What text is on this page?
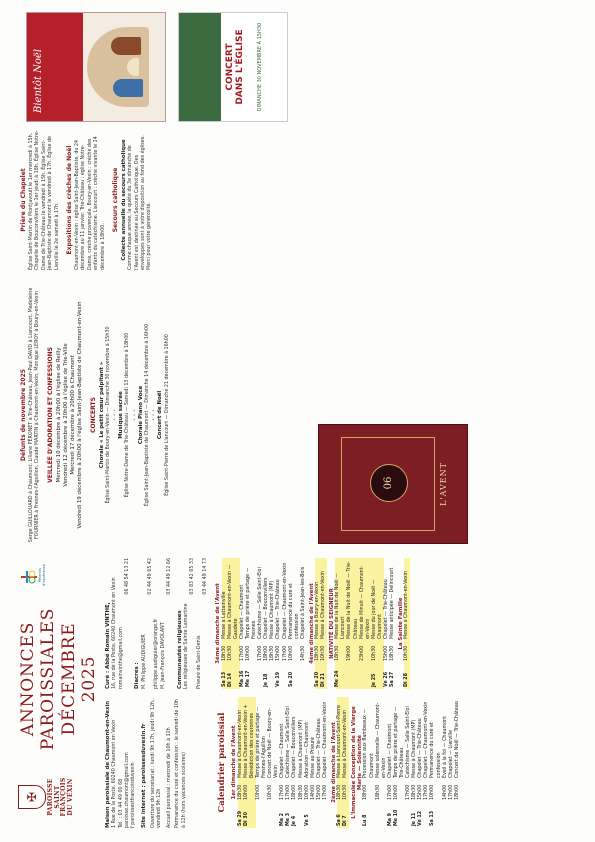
✠	PAROISSE SAINT FRANÇOIS DU VEXIN
ANNONCES PAROISSIALES DÉCEMBRE 2025
Pèlerins d'espérance
Maison paroissiale de Chaumont-en-Vexin 1 Rue de la Poste, 60240 Chaumont en Vexin Tél. : 03 44 49 00 68 paroisse.chaumont@gmail.com f paroissestfrancoisduvexin Site internet : paroissesduvexin.fr Ouverture du secrétariat : lundi 9h 17h, jeudi 9h 12h, vendredi 9h 12h Accueil paroissial : mercredi de 10h à 12h Permanence du curé et confession : le samedi de 10h à 12h (hors vacances scolaires)
Curé : Abbé Romain VINTHE, 16, rue de la Poste, 60240 Chaumont en Vexin romainvinthe@gmail.com
06 48 54 13 21
Diacres : M. Philippe AUDIGUIER
02 44 49 65 42
philippe.audiguier@orange.fr M. Jean-François DAVOLANT
03 44 49 12 66
Communautés religieuses Les religieuses de Sainte Lamartine
03 83 42 65 33
Prieuré de Saint-Denis
03 44 49 14 73
Calendrier paroissial 1er dimanche de l'Avent		
Sa 29	18h30	Messe à Chaumont-en-Vexin
Di 30	10h00	Messe à Chaumont-en-Vexin + Bénédiction des couronnes
	10h00	Temps de prière et partage — Fresnes-l'Aguillon
	10h30	Concert de Noël — Boury-en-Vexin
Ma 2	17h00	Chapelet — Chaumont
Me 3	17h00	Catéchisme — Salle Saint-Eloi
Je 4	18h00	Chapelet — Bouconvillers
	18h30	Messe à Chaumont (MP)
Ve 5	10h00	Adoration — Chaumont
	14h00	Messe au Prieuré
	15h00	Chapelet — Trie-Château
	17h00	Chapelet — Chaumont-en-Vexin
2ème dimanche de l'Avent		
Sa 6	18h30	Messe à Liancourt-Saint-Pierre
Di 7	10h30	Messe à Chaumont-en-Vexin
L'Immaculée Conception de la Vierge Marie — Solennité		
Lu 8	18h00	Procession aux flambeaux — Chaumont
	18h30	Messe solennelle — Chaumont-en-Vexin
Ma 9	17h00	Chapelet — Chaumont
Me 10	10h00	Temps de prière et partage — Trie-Château
	17h00	Catéchisme — Salle Saint-Eloi
Je 11	18h30	Messe à Chaumont (MP)
Ve 12	15h00	Chapelet — Trie-Château
	17h00	Chapelet — Chaumont-en-Vexin
Sa 13	10h00	Permanence du curé et confession
	14h00	Éveil à la foi — Chaumont
	17h00	Chapelet — Lierville
	18h00	Concert de Noël — Trie-Château
3ème dimanche de l'Avent		
Sa 13	18h30	Messe à Lattainville
Di 14	10h30	Messe à Chaumont-en-Vexin — Gaudete
Ma 16	17h00	Chapelet — Chaumont
Me 17	10h00	Temps de prière et partage — Fresnes
	17h00	Catéchisme — Salle Saint-Eloi
Je 18	18h00	Chapelet — Bouconvillers
	18h30	Messe à Chaumont (MP)
Ve 19	15h00	Chapelet — Trie-Château
	17h00	Chapelet — Chaumont-en-Vexin
Sa 20	10h00	Permanence du curé et confession
	14h30	Chapelet à Saint-Jean-les-Bois
4ème dimanche de l'Avent		
Sa 20	18h30	Messe à Boury-en-Vexin
Di 21	10h30	Messe à Chaumont-en-Vexin
NATIVITÉ DU SEIGNEUR		
Me 24	18h30	Messe de la Nuit de Noël — Liancourt
	19h00	Messe de la Nuit de Noël — Trie-Château
	23h00	Messe de Minuit — Chaumont-en-Vexin
Je 25	10h30	Messe du jour de Noël — Chaumont
Ve 26	15h00	Chapelet — Trie-Château
Sa 27	18h30	Messe anticipée — Delincourt
La Sainte Famille		
Di 28	10h30	Messe à Chaumont-en-Vexin
Défunts de novembre 2025 Serge GUILLOUARD à Chaumont, Liliane PÉRONET à Trie-Château, Jean-Paul DAVID à Liancourt, Madeleine FOURNIER à Fresnes-l'Aguillon, Claude MARTIN à Chaumont-en-Vexin, Monique LEROY à Boury-en-Vexin VEILLÉE D'ADORATION ET CONFESSIONS Mercredi 10 décembre à 20h00 à l'église de Reilly Vendredi 12 décembre à 20h00 à l'église de Trie-Ville Mercredi 17 décembre à 20h00 à Chaumont Vendredi 19 décembre à 20h00 à l'église Saint-Jean-Baptiste de Chaumont-en-Vexin CONCERTS Chorale « Le petit cœur palpitant » Église Saint-Martin de Boury-en-Vexin — Dimanche 30 novembre à 15h30 • • • Musique sacrée Église Notre-Dame de Trie-Château — Samedi 13 décembre à 18h00 • • • Chorale Piano Voce Église Saint-Jean-Baptiste de Chaumont — Dimanche 14 décembre à 16h00 • • • Concert de Noël Église Saint-Pierre de Liancourt — Dimanche 21 décembre à 16h00	06	L'AVENT
Prière du Chapelet Église Saint-Martin de Montjavoult le 1er mercredi à 15h. Chapelle de Bouconvillers le 1er jeudi à 18h. Église Notre-Dame de Trie-Château le vendredi à 15h. Église Saint-Jean-Baptiste de Chaumont le vendredi à 17h. Église de Lierville le 2e samedi à 17h. Expositions des crèches de Noël Chaumont-en-Vexin : église Saint-Jean-Baptiste, du 24 décembre au 11 janvier. Trie-Château : église Notre-Dame, crèche provençale. Boury-en-Vexin : crèche des enfants du catéchisme. Liancourt : crèche vivante le 24 décembre à 18h00.
Secours catholique Collecte annuelle du secours catholique Comme chaque année, la quête du 3e dimanche de l'Avent est destinée au Secours Catholique. Des enveloppes sont à votre disposition au fond des églises. Merci pour votre générosité.
Bientôt Noël	CONCERT DANS L'ÉGLISE DIMANCHE 30 NOVEMBRE À 15H30
